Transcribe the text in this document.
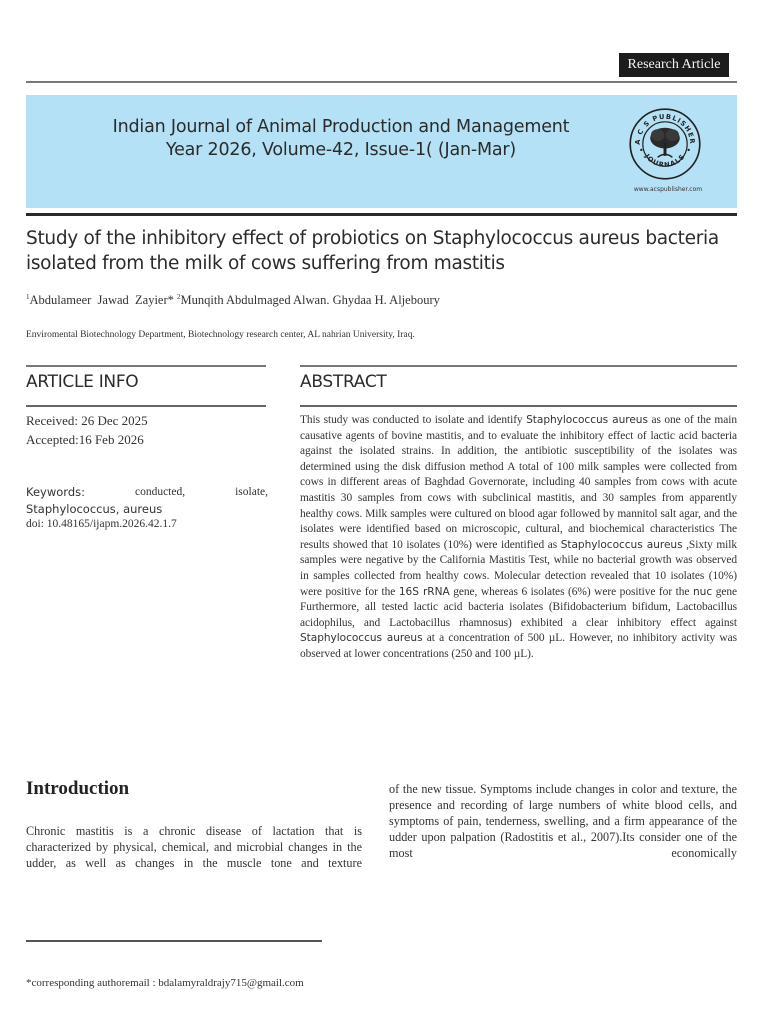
Research Article
Indian Journal of Animal Production and Management
Year 2026, Volume-42, Issue-1( (Jan-Mar)	A C S PUBLISHER
JOURNALS
www.acspublisher.com
Study of the inhibitory effect of probiotics on Staphylococcus aureus bacteria isolated from the milk of cows suffering from mastitis
$^1$Abdulameer  Jawad  Zayier* $^2$Munqith Abdulmaged Alwan. Ghydaa H. Aljeboury
Enviromental Biotechnology Department, Biotechnology research center, AL nahrian University, Iraq.
ARTICLE INFO	ABSTRACT
Received: 26 Dec 2025
Accepted:16 Feb 2026
Keywords:	conducted,	isolate,
Staphylococcus, aureus
doi: 10.48165/ijapm.2026.42.1.7
This study was conducted to isolate and identify Staphylococcus aureus as one of the main causative agents of bovine mastitis, and to evaluate the inhibitory effect of lactic acid bacteria against the isolated strains. In addition, the antibiotic susceptibility of the isolates was determined using the disk diffusion method A total of 100 milk samples were collected from cows in different areas of Baghdad Governorate, including 40 samples from cows with acute mastitis 30 samples from cows with subclinical mastitis, and 30 samples from apparently healthy cows. Milk samples were cultured on blood agar followed by mannitol salt agar, and the isolates were identified based on microscopic, cultural, and biochemical characteristics The results showed that 10 isolates (10%) were identified as Staphylococcus aureus ,Sixty milk samples were negative by the California Mastitis Test, while no bacterial growth was observed in samples collected from healthy cows. Molecular detection revealed that 10 isolates (10%) were positive for the 16S rRNA gene, whereas 6 isolates (6%) were positive for the nuc gene Furthermore, all tested lactic acid bacteria isolates (Bifidobacterium bifidum, Lactobacillus acidophilus, and Lactobacillus rhamnosus) exhibited a clear inhibitory effect against Staphylococcus aureus at a concentration of 500 µL. However, no inhibitory activity was observed at lower concentrations (250 and 100 µL).
Introduction
Chronic mastitis is a chronic disease of lactation that is characterized by physical, chemical, and microbial changes in the udder, as well as changes in the muscle tone and texture
of the new tissue. Symptoms include changes in color and texture, the presence and recording of large numbers of white blood cells, and symptoms of pain, tenderness, swelling, and a firm appearance of the udder upon palpation (Radostitis et al., 2007).Its consider one of the most economically
*corresponding authoremail : bdalamyraldrajy715@gmail.com
